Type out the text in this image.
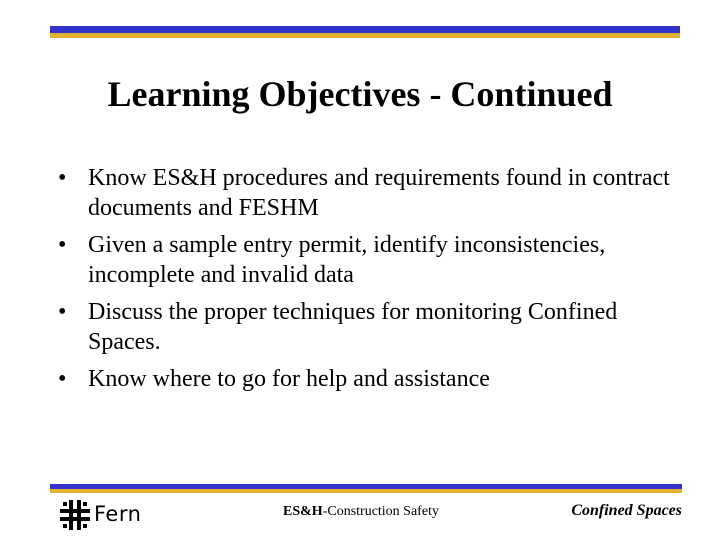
Learning Objectives - Continued
• Know ES&H procedures and requirements found in contract documents and FESHM
• Given a sample entry permit, identify inconsistencies, incomplete and invalid data
• Discuss the proper techniques for monitoring Confined Spaces.
• Know where to go for help and assistance
Fern	ES&H-Construction Safety	Confined Spaces
